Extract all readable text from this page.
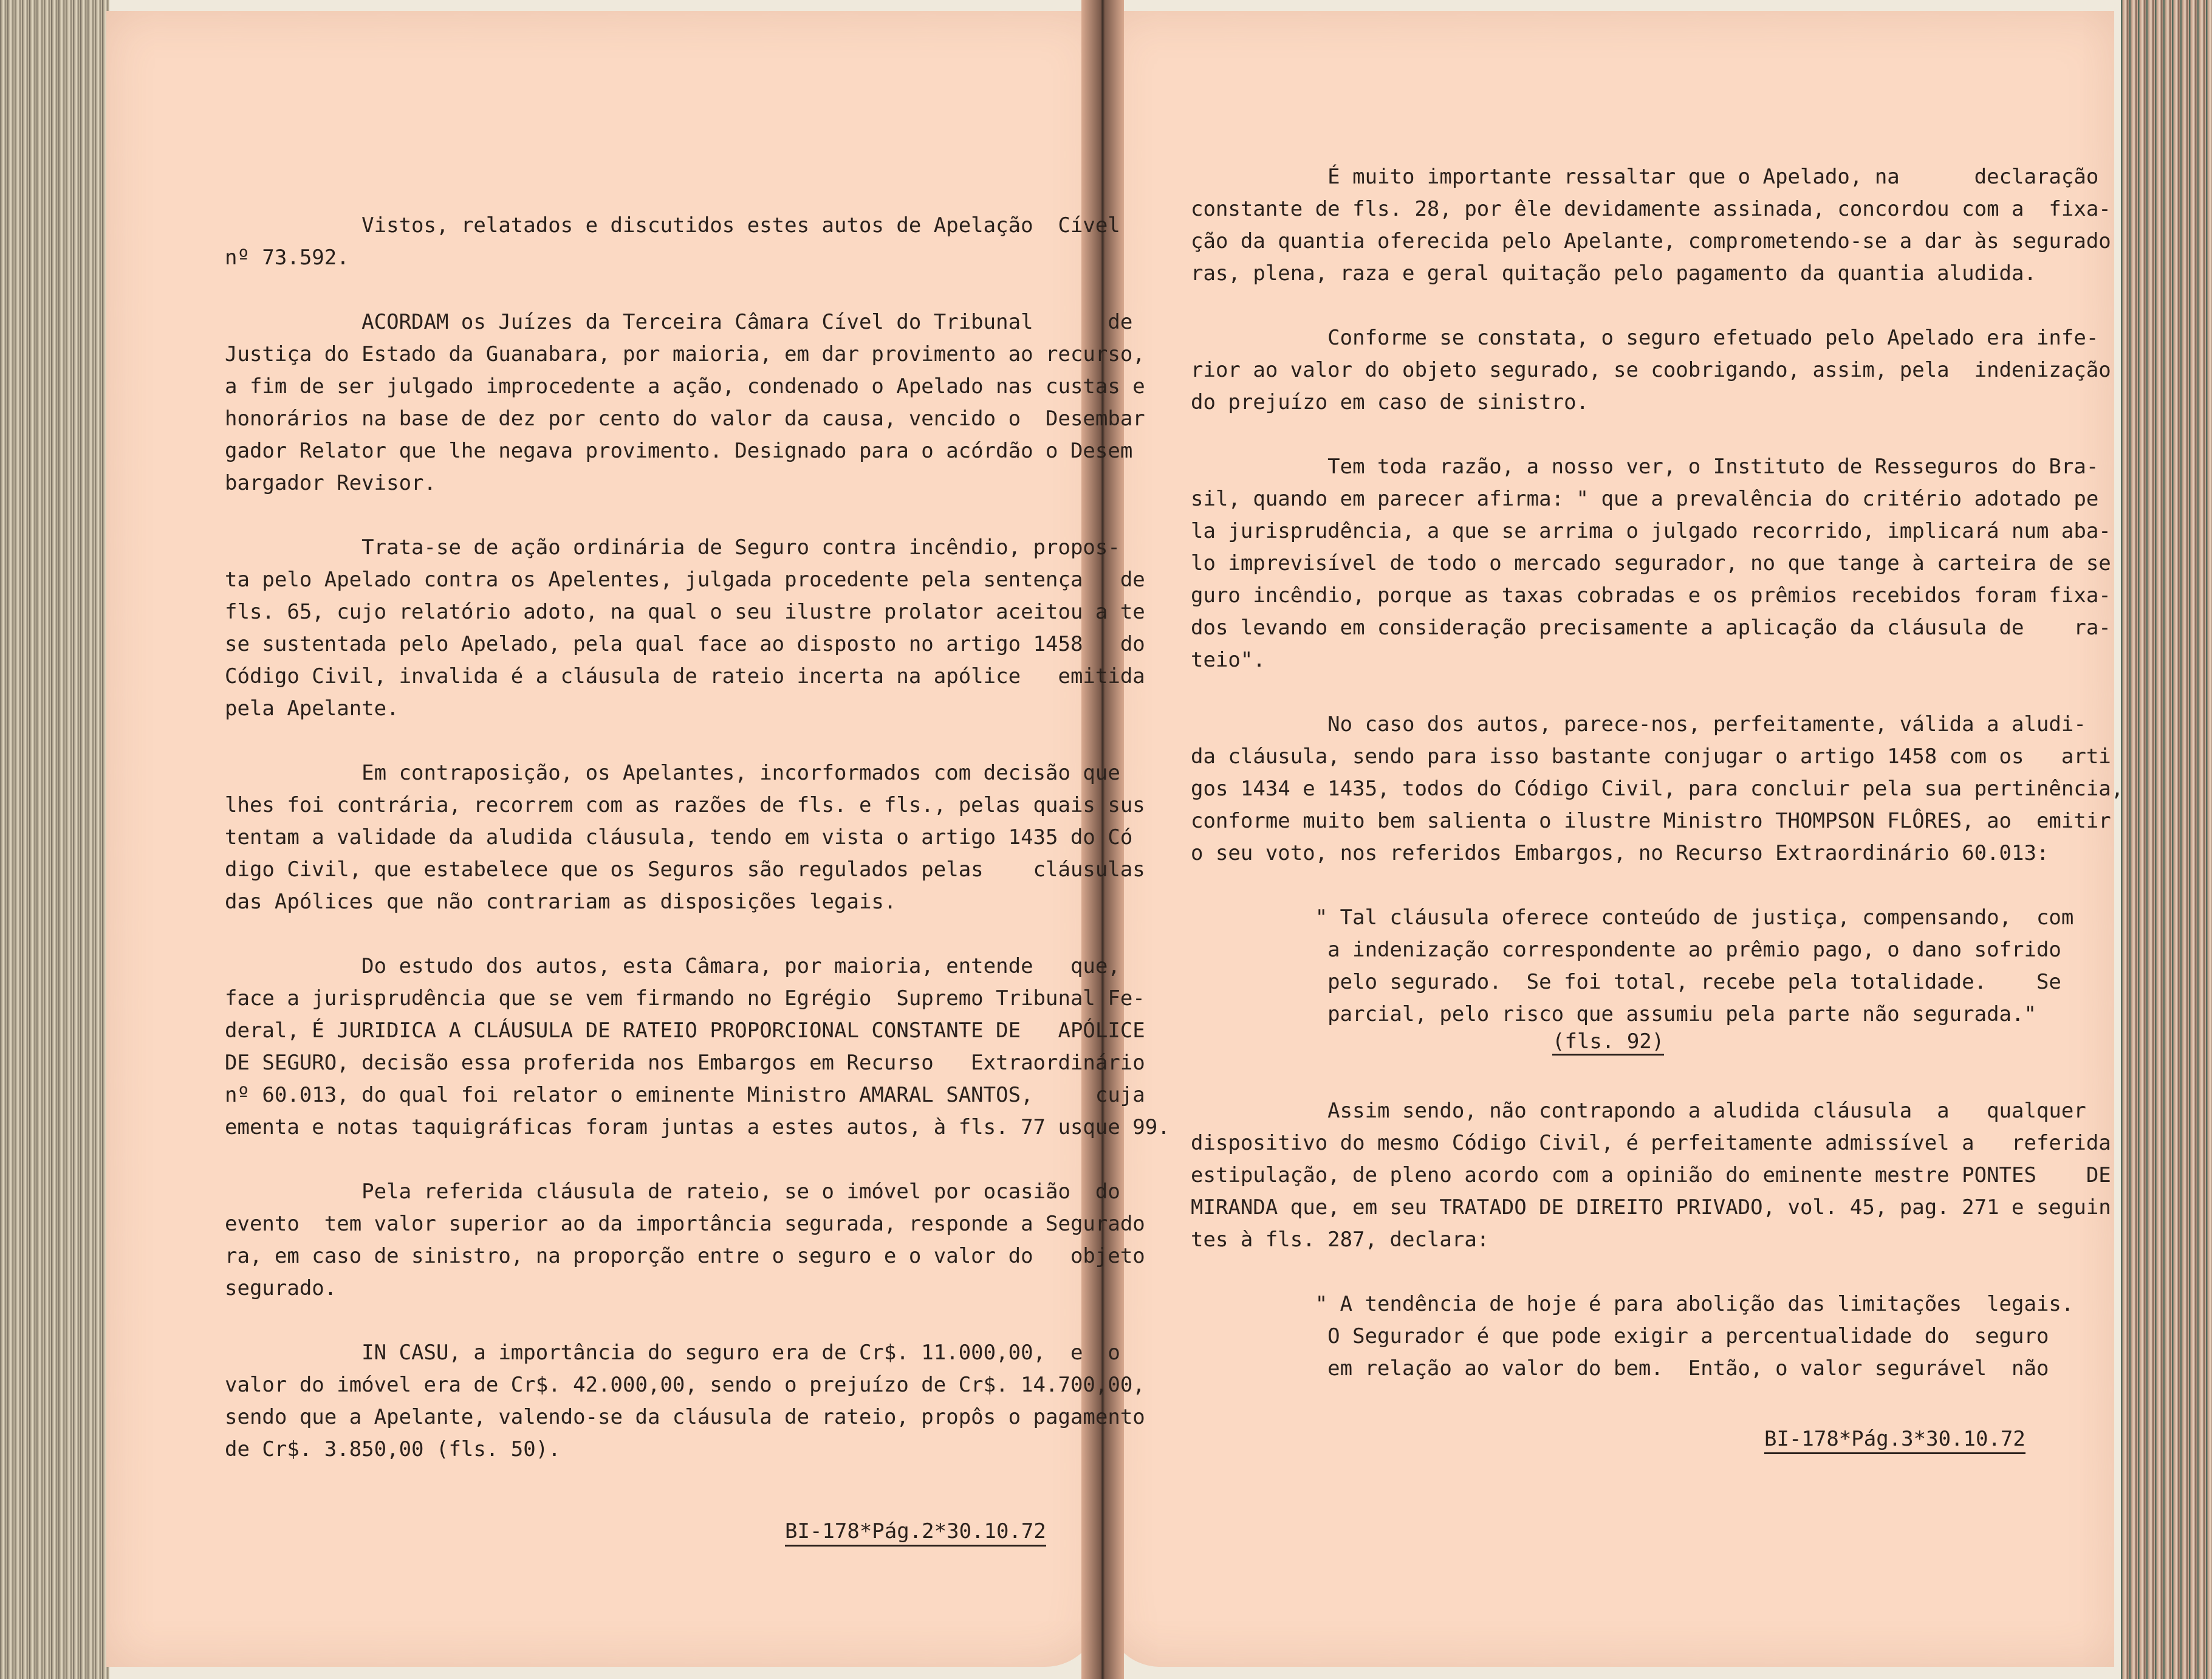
Vistos, relatados e discutidos estes autos de Apelação  Cível
nº 73.592.

ACORDAM os Juízes da Terceira Câmara Cível do Tribunal      de
Justiça do Estado da Guanabara, por maioria, em dar provimento ao recurso,
a fim de ser julgado improcedente a ação, condenado o Apelado nas custas e
honorários na base de dez por cento do valor da causa, vencido o  Desembar
gador Relator que lhe negava provimento. Designado para o acórdão o Desem
bargador Revisor.

Trata-se de ação ordinária de Seguro contra incêndio, propos-
ta pelo Apelado contra os Apelentes, julgada procedente pela sentença   de
fls. 65, cujo relatório adoto, na qual o seu ilustre prolator aceitou a te
se sustentada pelo Apelado, pela qual face ao disposto no artigo 1458   do
Código Civil, invalida é a cláusula de rateio incerta na apólice   emitida
pela Apelante.

Em contraposição, os Apelantes, incorformados com decisão que
lhes foi contrária, recorrem com as razões de fls. e fls., pelas quais sus
tentam a validade da aludida cláusula, tendo em vista o artigo 1435 do Có
digo Civil, que estabelece que os Seguros são regulados pelas    cláusulas
das Apólices que não contrariam as disposições legais.

Do estudo dos autos, esta Câmara, por maioria, entende   que,
face a jurisprudência que se vem firmando no Egrégio  Supremo Tribunal Fe-
deral, É JURIDICA A CLÁUSULA DE RATEIO PROPORCIONAL CONSTANTE DE   APÓLICE
DE SEGURO, decisão essa proferida nos Embargos em Recurso   Extraordinário
nº 60.013, do qual foi relator o eminente Ministro AMARAL SANTOS,     cuja
ementa e notas taquigráficas foram juntas a estes autos, à fls. 77 usque 99.

Pela referida cláusula de rateio, se o imóvel por ocasião  do
evento  tem valor superior ao da importância segurada, responde a Segurado
ra, em caso de sinistro, na proporção entre o seguro e o valor do   objeto
segurado.

IN CASU, a importância do seguro era de Cr$. 11.000,00,  e  o
valor do imóvel era de Cr$. 42.000,00, sendo o prejuízo de Cr$. 14.700,00,
sendo que a Apelante, valendo-se da cláusula de rateio, propôs o pagamento
de Cr$. 3.850,00 (fls. 50).
BI-178*Pág.2*30.10.72
É muito importante ressaltar que o Apelado, na      declaração
constante de fls. 28, por êle devidamente assinada, concordou com a  fixa-
ção da quantia oferecida pelo Apelante, comprometendo-se a dar às segurado
ras, plena, raza e geral quitação pelo pagamento da quantia aludida.

Conforme se constata, o seguro efetuado pelo Apelado era infe-
rior ao valor do objeto segurado, se coobrigando, assim, pela  indenização
do prejuízo em caso de sinistro.

Tem toda razão, a nosso ver, o Instituto de Resseguros do Bra-
sil, quando em parecer afirma: " que a prevalência do critério adotado pe
la jurisprudência, a que se arrima o julgado recorrido, implicará num aba-
lo imprevisível de todo o mercado segurador, no que tange à carteira de se
guro incêndio, porque as taxas cobradas e os prêmios recebidos foram fixa-
dos levando em consideração precisamente a aplicação da cláusula de    ra-
teio".

No caso dos autos, parece-nos, perfeitamente, válida a aludi-
da cláusula, sendo para isso bastante conjugar o artigo 1458 com os   arti
gos 1434 e 1435, todos do Código Civil, para concluir pela sua pertinência,
conforme muito bem salienta o ilustre Ministro THOMPSON FLÔRES, ao  emitir
o seu voto, nos referidos Embargos, no Recurso Extraordinário 60.013:

" Tal cláusula oferece conteúdo de justiça, compensando,  com
a indenização correspondente ao prêmio pago, o dano sofrido
pelo segurado.  Se foi total, recebe pela totalidade.    Se
parcial, pelo risco que assumiu pela parte não segurada."

Assim sendo, não contrapondo a aludida cláusula  a   qualquer
dispositivo do mesmo Código Civil, é perfeitamente admissível a   referida
estipulação, de pleno acordo com a opinião do eminente mestre PONTES    DE
MIRANDA que, em seu TRATADO DE DIREITO PRIVADO, vol. 45, pag. 271 e seguin
tes à fls. 287, declara:

" A tendência de hoje é para abolição das limitações  legais.
O Segurador é que pode exigir a percentualidade do  seguro
em relação ao valor do bem.  Então, o valor segurável  não
(fls. 92)
BI-178*Pág.3*30.10.72
